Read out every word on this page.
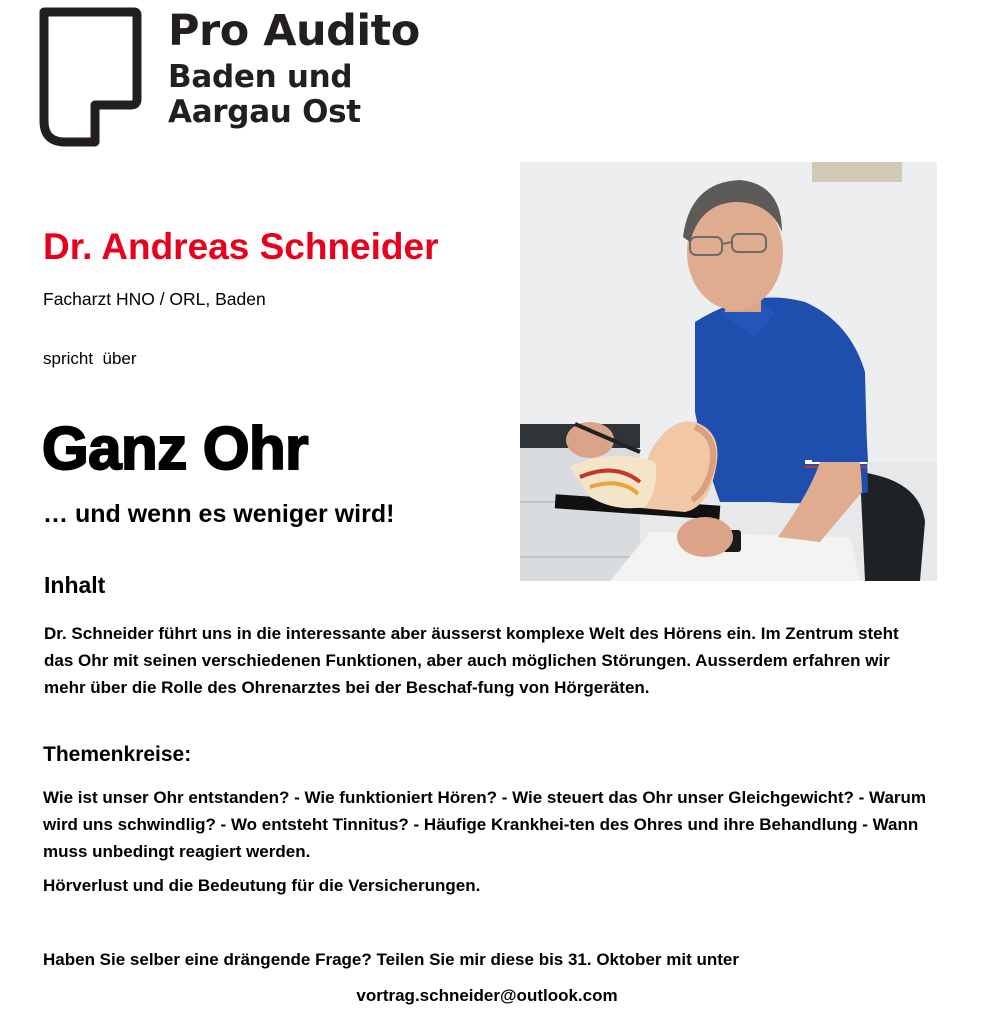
Pro Audito
Baden und
Aargau Ost
Dr. Andreas Schneider
Facharzt HNO / ORL, Baden
spricht  über
Ganz Ohr
… und wenn es weniger wird!
Inhalt

Dr. Schneider führt uns in die interessante aber äusserst komplexe Welt des Hörens ein. Im Zentrum steht das Ohr mit seinen verschiedenen Funktionen, aber auch möglichen Störungen. Ausserdem erfahren wir mehr über die Rolle des Ohrenarztes bei der Beschaf-fung von Hörgeräten.

Themenkreise:

Wie ist unser Ohr entstanden? - Wie funktioniert Hören? - Wie steuert das Ohr unser Gleichgewicht? - Warum wird uns schwindlig? - Wo entsteht Tinnitus? - Häufige Krankhei-ten des Ohres und ihre Behandlung - Wann muss unbedingt reagiert werden.

Hörverlust und die Bedeutung für die Versicherungen.

Haben Sie selber eine drängende Frage? Teilen Sie mir diese bis 31. Oktober mit unter

vortrag.schneider@outlook.com
